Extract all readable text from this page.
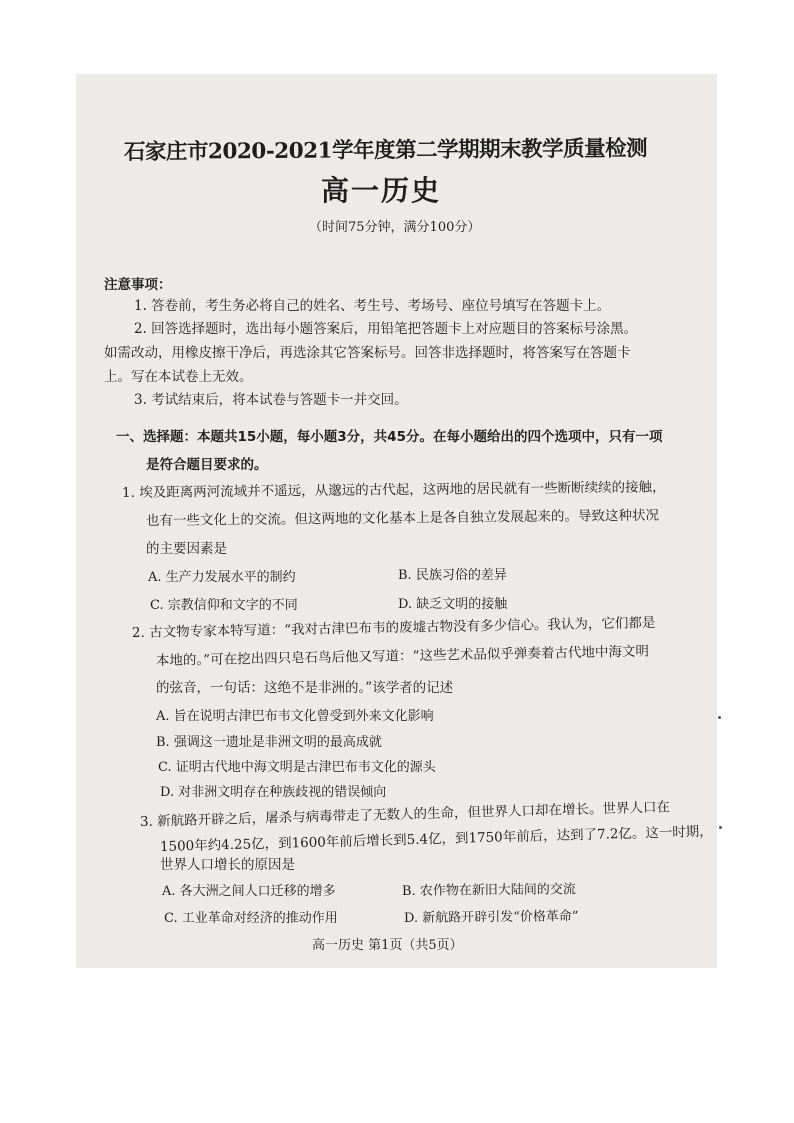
石家庄市2020-2021学年度第二学期期末教学质量检测
高一历史
（时间75分钟，满分100分）
注意事项：
1. 答卷前，考生务必将自己的姓名、考生号、考场号、座位号填写在答题卡上。
2. 回答选择题时，选出每小题答案后，用铅笔把答题卡上对应题目的答案标号涂黑。
如需改动，用橡皮擦干净后，再选涂其它答案标号。回答非选择题时，将答案写在答题卡
上。写在本试卷上无效。
3. 考试结束后，将本试卷与答题卡一并交回。
一、选择题：本题共15小题，每小题3分，共45分。在每小题给出的四个选项中，只有一项
是符合题目要求的。
1. 埃及距离两河流域并不遥远，从邈远的古代起，这两地的居民就有一些断断续续的接触，
也有一些文化上的交流。但这两地的文化基本上是各自独立发展起来的。导致这种状况
的主要因素是
A. 生产力发展水平的制约	B. 民族习俗的差异
C. 宗教信仰和文字的不同	D. 缺乏文明的接触
2. 古文物专家本特写道：“我对古津巴布韦的废墟古物没有多少信心。我认为，它们都是
本地的。”可在挖出四只皂石鸟后他又写道：“这些艺术品似乎弹奏着古代地中海文明
的弦音，一句话：这绝不是非洲的。”该学者的记述
A. 旨在说明古津巴布韦文化曾受到外来文化影响
B. 强调这一遗址是非洲文明的最高成就
C. 证明古代地中海文明是古津巴布韦文化的源头
D. 对非洲文明存在种族歧视的错误倾向
3. 新航路开辟之后，屠杀与病毒带走了无数人的生命，但世界人口却在增长。世界人口在
1500年约4.25亿，到1600年前后增长到5.4亿，到1750年前后，达到了7.2亿。这一时期，
世界人口增长的原因是
A. 各大洲之间人口迁移的增多	B. 农作物在新旧大陆间的交流
C. 工业革命对经济的推动作用	D. 新航路开辟引发“价格革命”
高一历史 第1页（共5页）
